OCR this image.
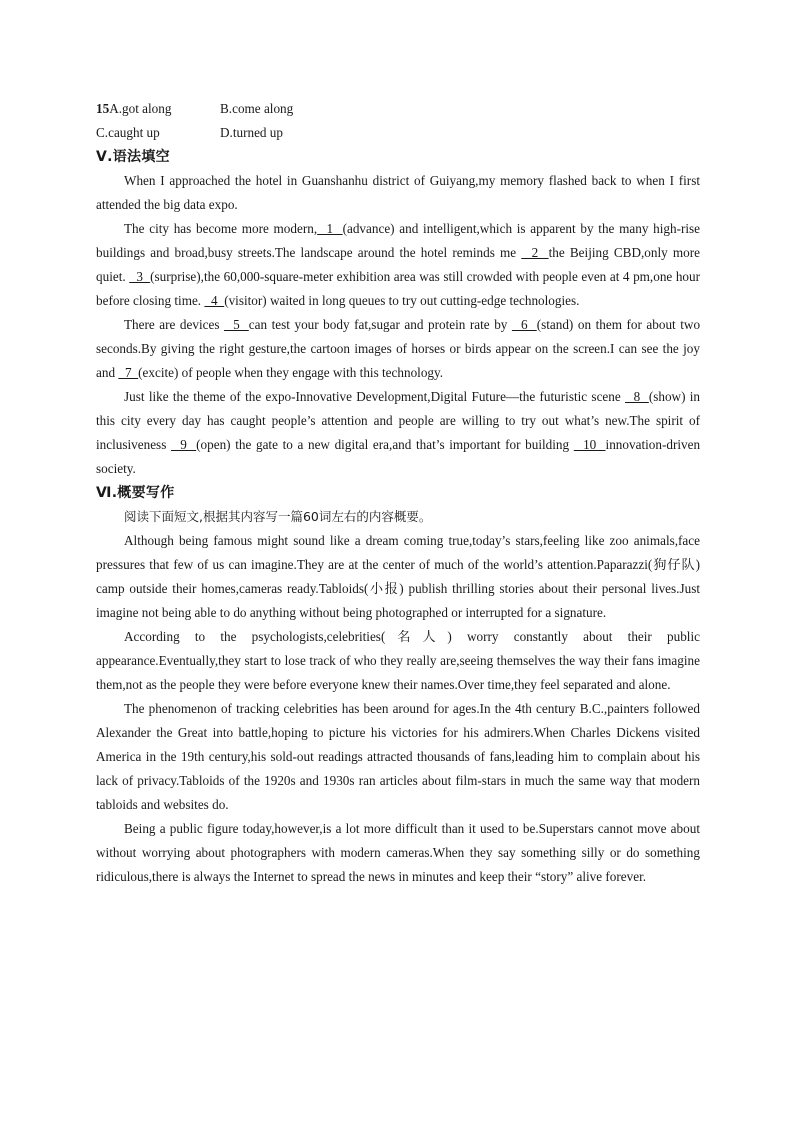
15A.got along	B.come along
C.caught up	D.turned up
Ⅴ.语法填空

When I approached the hotel in Guanshanhu district of Guiyang,my memory flashed back to when I first attended the big data expo.

The city has become more modern,  1  (advance) and intelligent,which is apparent by the many high-rise buildings and broad,busy streets.The landscape around the hotel reminds me   2  the Beijing CBD,only more quiet.   3  (surprise),the 60,000-square-meter exhibition area was still crowded with people even at 4 pm,one hour before closing time.   4  (visitor) waited in long queues to try out cutting-edge technologies.

There are devices   5  can test your body fat,sugar and protein rate by   6  (stand) on them for about two seconds.By giving the right gesture,the cartoon images of horses or birds appear on the screen.I can see the joy and   7  (excite) of people when they engage with this technology.

Just like the theme of the expo-Innovative Development,Digital Future—the futuristic scene   8  (show) in this city every day has caught people’s attention and people are willing to try out what’s new.The spirit of inclusiveness   9  (open) the gate to a new digital era,and that’s important for building   10  innovation-driven society.

Ⅵ.概要写作

阅读下面短文,根据其内容写一篇60词左右的内容概要。

Although being famous might sound like a dream coming true,today’s stars,feeling like zoo animals,face pressures that few of us can imagine.They are at the center of much of the world’s attention.Paparazzi(狗仔队) camp outside their homes,cameras ready.Tabloids(小报) publish thrilling stories about their personal lives.Just imagine not being able to do anything without being photographed or interrupted for a signature.

According to the psychologists,celebrities(名人) worry constantly about their public appearance.Eventually,they start to lose track of who they really are,seeing themselves the way their fans imagine them,not as the people they were before everyone knew their names.Over time,they feel separated and alone.

The phenomenon of tracking celebrities has been around for ages.In the 4th century B.C.,painters followed Alexander the Great into battle,hoping to picture his victories for his admirers.When Charles Dickens visited America in the 19th century,his sold-out readings attracted thousands of fans,leading him to complain about his lack of privacy.Tabloids of the 1920s and 1930s ran articles about film-stars in much the same way that modern tabloids and websites do.

Being a public figure today,however,is a lot more difficult than it used to be.Superstars cannot move about without worrying about photographers with modern cameras.When they say something silly or do something ridiculous,there is always the Internet to spread the news in minutes and keep their “story” alive forever.
